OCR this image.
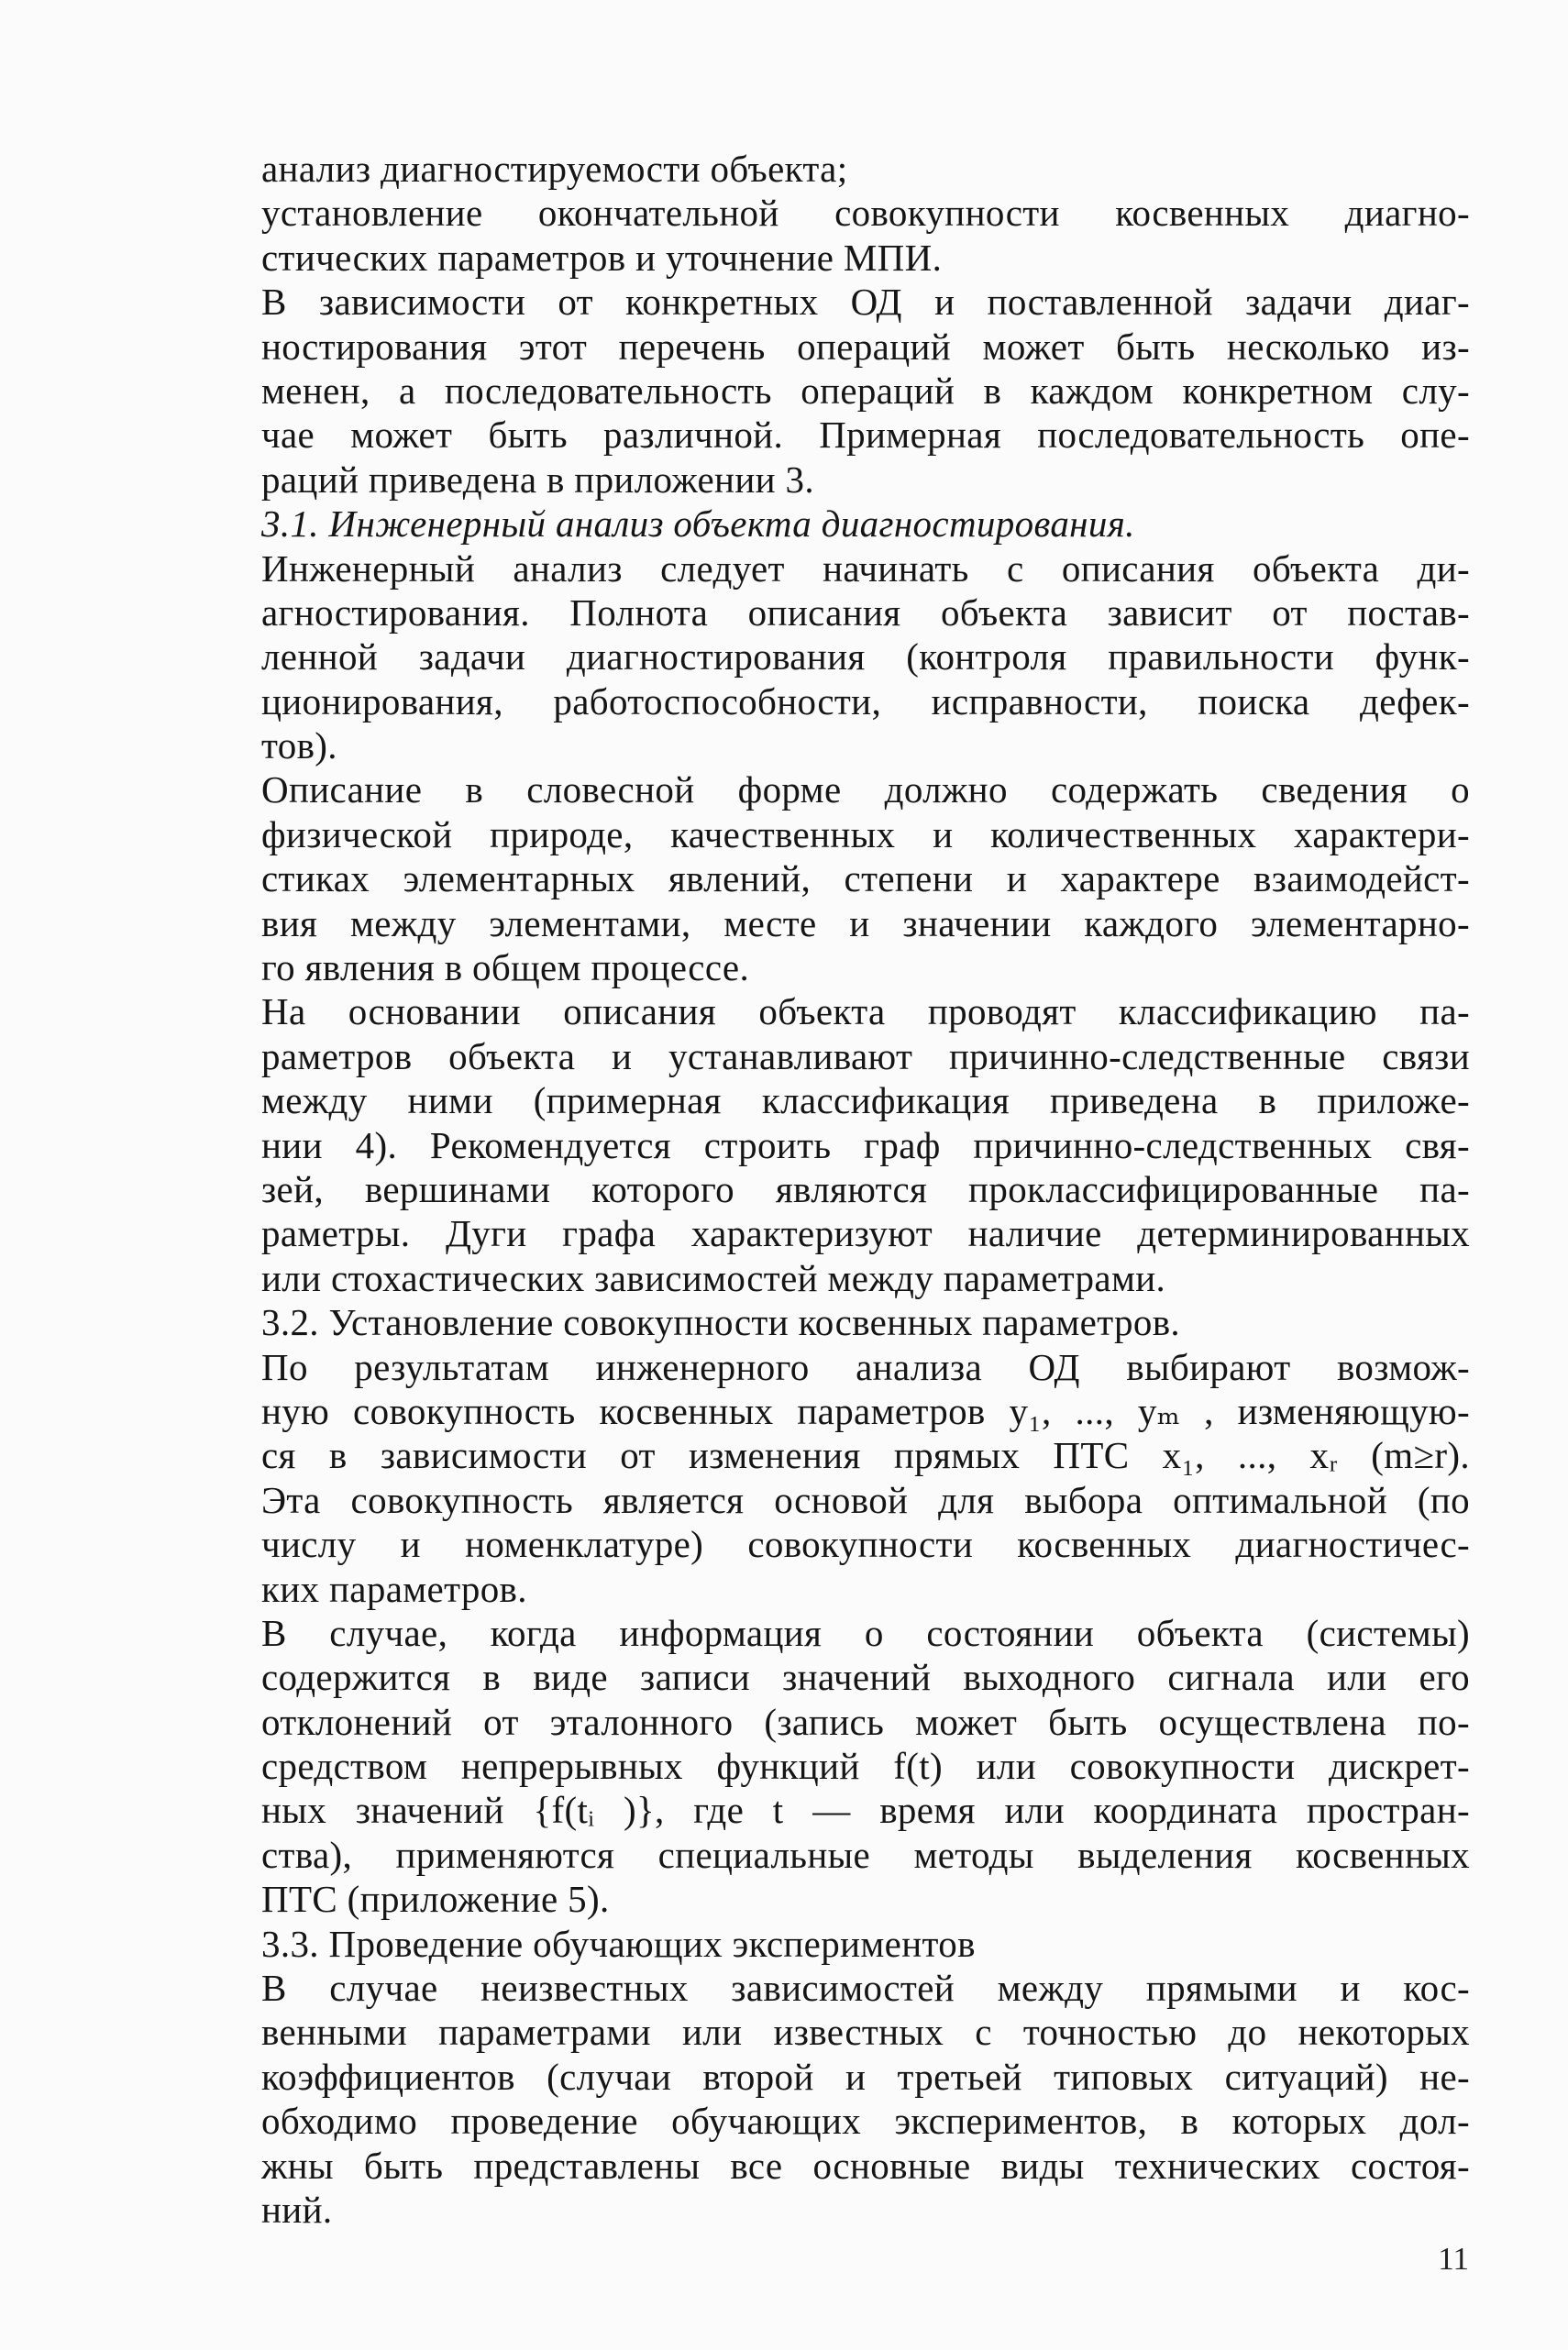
анализ диагностируемости объекта;
установление окончательной совокупности косвенных диагно-
стических параметров и уточнение МПИ.
В зависимости от конкретных ОД и поставленной задачи диаг-
ностирования этот перечень операций может быть несколько из-
менен, а последовательность операций в каждом конкретном слу-
чае может быть различной. Примерная последовательность опе-
раций приведена в приложении 3.
3.1. Инженерный анализ объекта диагностирования.
Инженерный анализ следует начинать с описания объекта ди-
агностирования. Полнота описания объекта зависит от постав-
ленной задачи диагностирования (контроля правильности функ-
ционирования, работоспособности, исправности, поиска дефек-
тов).
Описание в словесной форме должно содержать сведения о
физической природе, качественных и количественных характери-
стиках элементарных явлений, степени и характере взаимодейст-
вия между элементами, месте и значении каждого элементарно-
го явления в общем процессе.
На основании описания объекта проводят классификацию па-
раметров объекта и устанавливают причинно-следственные связи
между ними (примерная классификация приведена в приложе-
нии 4). Рекомендуется строить граф причинно-следственных свя-
зей, вершинами которого являются проклассифицированные па-
раметры. Дуги графа характеризуют наличие детерминированных
или стохастических зависимостей между параметрами.
3.2. Установление совокупности косвенных параметров.
По результатам инженерного анализа ОД выбирают возмож-
ную совокупность косвенных параметров y₁, ..., yₘ , изменяющую-
ся в зависимости от изменения прямых ПТС x₁, ..., xᵣ (m≥r).
Эта совокупность является основой для выбора оптимальной (по
числу и номенклатуре) совокупности косвенных диагностичес-
ких параметров.
В случае, когда информация о состоянии объекта (системы)
содержится в виде записи значений выходного сигнала или его
отклонений от эталонного (запись может быть осуществлена по-
средством непрерывных функций f(t) или совокупности дискрет-
ных значений {f(tᵢ )}, где t — время или координата простран-
ства), применяются специальные методы выделения косвенных
ПТС (приложение 5).
3.3. Проведение обучающих экспериментов
В случае неизвестных зависимостей между прямыми и кос-
венными параметрами или известных с точностью до некоторых
коэффициентов (случаи второй и третьей типовых ситуаций) не-
обходимо проведение обучающих экспериментов, в которых дол-
жны быть представлены все основные виды технических состоя-
ний.
11
